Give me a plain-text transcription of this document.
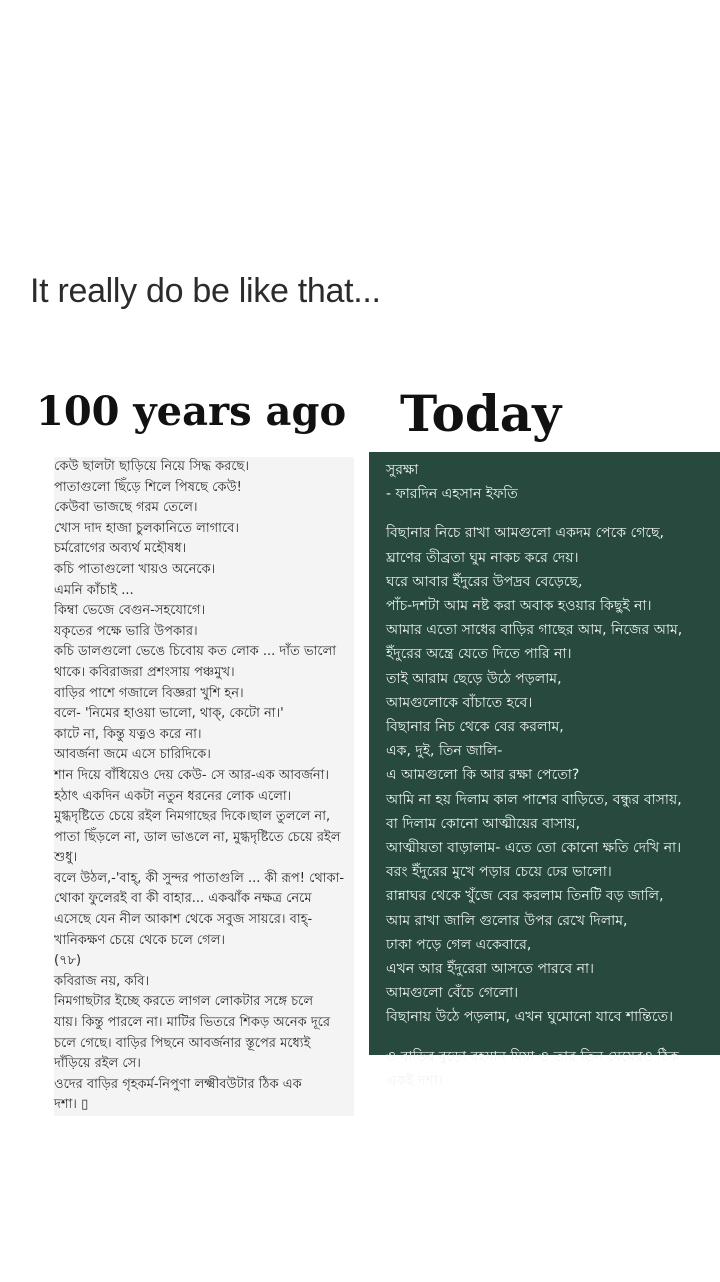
It really do be like that...
100 years ago Today
কেউ ছালটা ছাড়িয়ে নিয়ে সিদ্ধ করছে।
পাতাগুলো ছিঁড়ে শিলে পিষছে কেউ!
কেউবা ভাজছে গরম তেলে।
খোস দাদ হাজা চুলকানিতে লাগাবে।
চর্মরোগের অব্যর্থ মহৌষধ।
কচি পাতাগুলো খায়ও অনেকে।
এমনি কাঁচাই ...
কিম্বা ভেজে বেগুন-সহযোগে।
যকৃতের পক্ষে ভারি উপকার।
কচি ডালগুলো ভেঙে চিবোয় কত লোক ... দাঁত ভালো
থাকে। কবিরাজরা প্রশংসায় পঞ্চমুখ।
বাড়ির পাশে গজালে বিজ্ঞরা খুশি হন।
বলে- 'নিমের হাওয়া ভালো, থাক্, কেটো না।'
কাটে না, কিন্তু যত্নও করে না।
আবর্জনা জমে এসে চারিদিকে।
শান দিয়ে বাঁধিয়েও দেয় কেউ- সে আর-এক আবর্জনা।
হঠাৎ একদিন একটা নতুন ধরনের লোক এলো।
মুগ্ধদৃষ্টিতে চেয়ে রইল নিমগাছের দিকে।ছাল তুললে না,
পাতা ছিঁড়লে না, ডাল ভাঙলে না, মুগ্ধদৃষ্টিতে চেয়ে রইল
শুধু।
বলে উঠল,-'বাহ্‌, কী সুন্দর পাতাগুলি ... কী রূপ! থোকা-
থোকা ফুলেরই বা কী বাহার... একঝাঁক নক্ষত্র নেমে
এসেছে যেন নীল আকাশ থেকে সবুজ সায়রে। বাহ্‌-
খানিকক্ষণ চেয়ে থেকে চলে গেল।
(৭৮)
কবিরাজ নয়, কবি।
নিমগাছটার ইচ্ছে করতে লাগল লোকটার সঙ্গে চলে
যায়। কিন্তু পারলে না। মাটির ভিতরে শিকড় অনেক দূরে
চলে গেছে। বাড়ির পিছনে আবর্জনার স্তূপের মধ্যেই
দাঁড়িয়ে রইল সে।
ওদের বাড়ির গৃহকর্ম-নিপুণা লক্ষ্মীবউটার ঠিক এক
দশা। ▯
সুরক্ষা
- ফারদিন এহসান ইফতি
বিছানার নিচে রাখা আমগুলো একদম পেকে গেছে,
ঘ্রাণের তীব্রতা ঘুম নাকচ করে দেয়।
ঘরে আবার ইঁদুরের উপদ্রব বেড়েছে,
পাঁচ-দশটা আম নষ্ট করা অবাক হওয়ার কিছুই না।
আমার এতো সাধের বাড়ির গাছের আম, নিজের আম,
ইঁদুরের অন্ত্রে যেতে দিতে পারি না।
তাই আরাম ছেড়ে উঠে পড়লাম,
আমগুলোকে বাঁচাতে হবে।
বিছানার নিচ থেকে বের করলাম,
এক, দুই, তিন জালি-
এ আমগুলো কি আর রক্ষা পেতো?
আমি না হয় দিলাম কাল পাশের বাড়িতে, বন্ধুর বাসায়,
বা দিলাম কোনো আত্মীয়ের বাসায়,
আত্মীয়তা বাড়ালাম- এতে তো কোনো ক্ষতি দেখি না।
বরং ইঁদুরের মুখে পড়ার চেয়ে ঢের ভালো।
রান্নাঘর থেকে খুঁজে বের করলাম তিনটি বড় জালি,
আম রাখা জালি গুলোর উপর রেখে দিলাম,
ঢাকা পড়ে গেল একেবারে,
এখন আর ইঁদুরেরা আসতে পারবে না।
আমগুলো বেঁচে গেলো।
বিছানায় উঠে পড়লাম, এখন ঘুমোনো যাবে শান্তিতে।
ও বাড়ির বুড়ো রহমান মিয়া ও তার তিন মেয়েরও ঠিক
একই দশা।
